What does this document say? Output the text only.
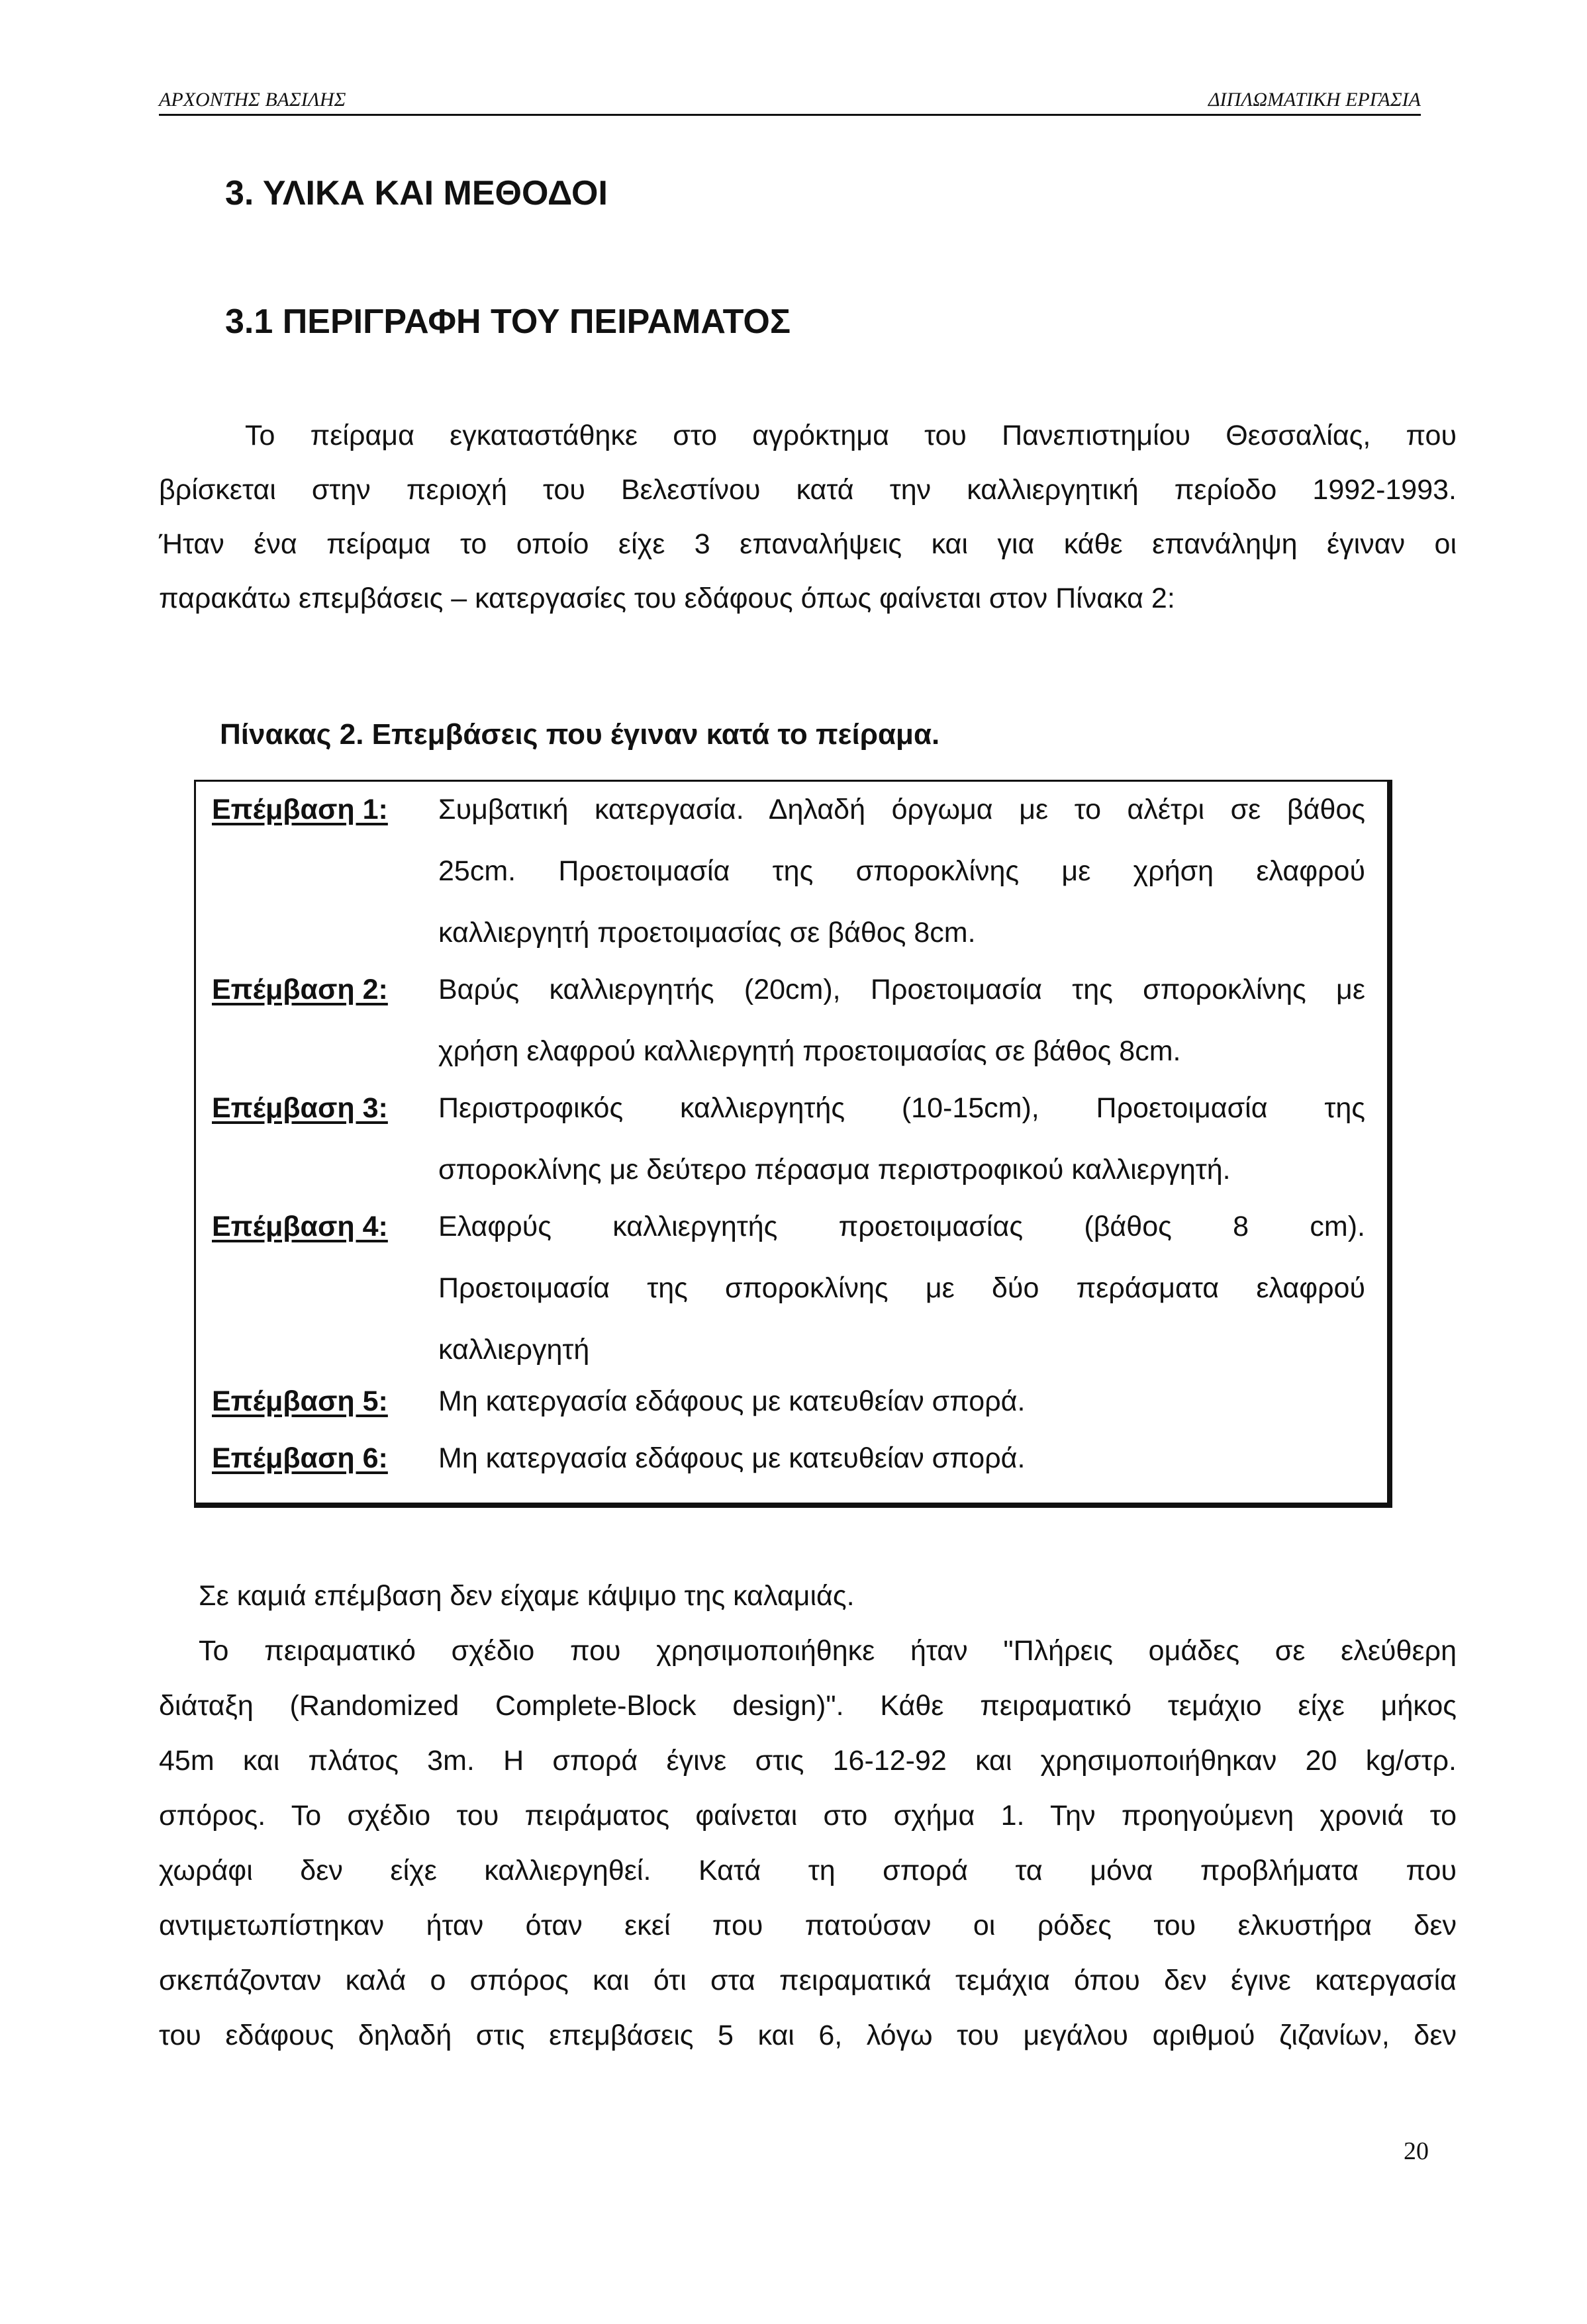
ΑΡΧΟΝΤΗΣ ΒΑΣΙΛΗΣ	ΔΙΠΛΩΜΑΤΙΚΗ ΕΡΓΑΣΙΑ
3. ΥΛΙΚΑ ΚΑΙ ΜΕΘΟΔΟΙ
3.1 ΠΕΡΙΓΡΑΦΗ ΤΟΥ ΠΕΙΡΑΜΑΤΟΣ
Το πείραμα εγκαταστάθηκε στο αγρόκτημα του Πανεπιστημίου Θεσσαλίας, που
βρίσκεται στην περιοχή του Βελεστίνου κατά την καλλιεργητική περίοδο 1992-1993.
Ήταν ένα πείραμα το οποίο είχε 3 επαναλήψεις και για κάθε επανάληψη έγιναν οι
παρακάτω επεμβάσεις – κατεργασίες του εδάφους όπως φαίνεται στον Πίνακα 2:
Πίνακας 2. Επεμβάσεις που έγιναν κατά το πείραμα.
Επέμβαση 1: Συμβατική κατεργασία. Δηλαδή όργωμα με το αλέτρι σε βάθος
25cm. Προετοιμασία της σποροκλίνης με χρήση ελαφρού
καλλιεργητή προετοιμασίας σε βάθος 8cm.
Επέμβαση 2: Βαρύς καλλιεργητής (20cm), Προετοιμασία της σποροκλίνης με
χρήση ελαφρού καλλιεργητή προετοιμασίας σε βάθος 8cm.
Επέμβαση 3: Περιστροφικός καλλιεργητής (10-15cm), Προετοιμασία της
σποροκλίνης με δεύτερο πέρασμα περιστροφικού καλλιεργητή.
Επέμβαση 4: Ελαφρύς καλλιεργητής προετοιμασίας (βάθος 8 cm).
Προετοιμασία της σποροκλίνης με δύο περάσματα ελαφρού
καλλιεργητή
Επέμβαση 5: Μη κατεργασία εδάφους με κατευθείαν σπορά.
Επέμβαση 6: Μη κατεργασία εδάφους με κατευθείαν σπορά.
Σε καμιά επέμβαση δεν είχαμε κάψιμο της καλαμιάς.
Το πειραματικό σχέδιο που χρησιμοποιήθηκε ήταν "Πλήρεις ομάδες σε ελεύθερη
διάταξη (Randomized Complete-Block design)". Κάθε πειραματικό τεμάχιο είχε μήκος
45m και πλάτος 3m. Η σπορά έγινε στις 16-12-92 και χρησιμοποιήθηκαν 20 kg/στρ.
σπόρος. Το σχέδιο του πειράματος φαίνεται στο σχήμα 1. Την προηγούμενη χρονιά το
χωράφι δεν είχε καλλιεργηθεί. Κατά τη σπορά τα μόνα προβλήματα που
αντιμετωπίστηκαν ήταν όταν εκεί που πατούσαν οι ρόδες του ελκυστήρα δεν
σκεπάζονταν καλά ο σπόρος και ότι στα πειραματικά τεμάχια όπου δεν έγινε κατεργασία
του εδάφους δηλαδή στις επεμβάσεις 5 και 6, λόγω του μεγάλου αριθμού ζιζανίων, δεν
20
